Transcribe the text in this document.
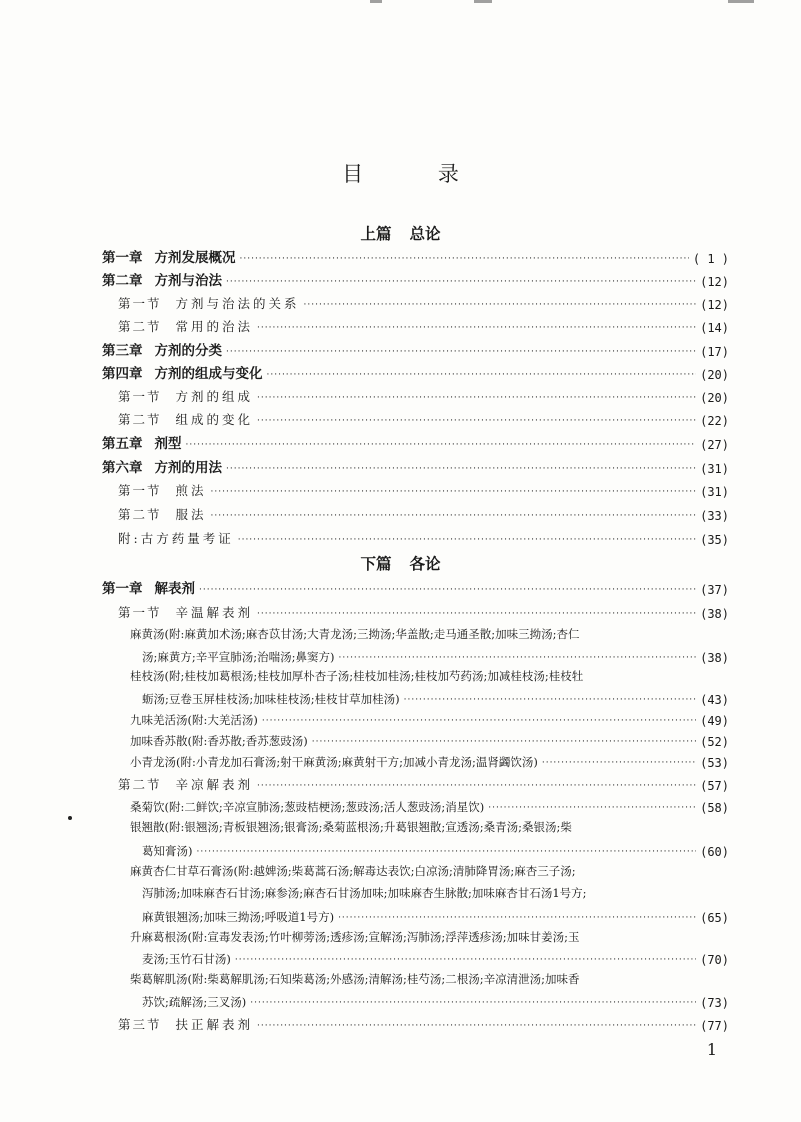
目 录
上篇 总论
第一章 方剂发展概况 ·····	( 1 )
第二章 方剂与治法 ·····	(12)
第一节 方剂与治法的关系 ·····	(12)
第二节 常用的治法 ·····	(14)
第三章 方剂的分类 ·····	(17)
第四章 方剂的组成与变化 ·····	(20)
第一节 方剂的组成 ·····	(20)
第二节 组成的变化 ·····	(22)
第五章 剂型 ·····	(27)
第六章 方剂的用法 ·····	(31)
第一节 煎法 ·····	(31)
第二节 服法 ·····	(33)
附:古方药量考证 ·····	(35)
下篇 各论
第一章 解表剂 ·····	(37)
第一节 辛温解表剂 ·····	(38)
麻黄汤(附:麻黄加术汤;麻杏苡甘汤;大青龙汤;三拗汤;华盖散;走马通圣散;加味三拗汤;杏仁
汤;麻黄方;辛平宣肺汤;治喘汤;鼻窦方) ·····	(38)
桂枝汤(附;桂枝加葛根汤;桂枝加厚朴杏子汤;桂枝加桂汤;桂枝加芍药汤;加减桂枝汤;桂枝牡
蛎汤;豆卷玉屏桂枝汤;加味桂枝汤;桂枝甘草加桂汤) ·····	(43)
九味羌活汤(附:大羌活汤) ·····	(49)
加味香苏散(附:香苏散;香苏葱豉汤) ·····	(52)
小青龙汤(附:小青龙加石膏汤;射干麻黄汤;麻黄射干方;加减小青龙汤;温肾蠲饮汤) ·····	(53)
第二节 辛凉解表剂 ·····	(57)
桑菊饮(附:二鲜饮;辛凉宣肺汤;葱豉桔梗汤;葱豉汤;活人葱豉汤;消星饮) ·····	(58)
银翘散(附:银翘汤;青板银翘汤;银膏汤;桑菊蓝根汤;升葛银翘散;宣透汤;桑青汤;桑银汤;柴
葛知膏汤) ·····	(60)
麻黄杏仁甘草石膏汤(附:越婢汤;柴葛蒿石汤;解毒达表饮;白凉汤;清肺降胃汤;麻杏三子汤;
泻肺汤;加味麻杏石甘汤;麻参汤;麻杏石甘汤加味;加味麻杏生脉散;加味麻杏甘石汤1号方;
麻黄银翘汤;加味三拗汤;呼吸道1号方) ·····	(65)
升麻葛根汤(附:宣毒发表汤;竹叶柳蒡汤;透疹汤;宣解汤;泻肺汤;浮萍透疹汤;加味甘姜汤;玉
麦汤;玉竹石甘汤) ·····	(70)
柴葛解肌汤(附:柴葛解肌汤;石知柴葛汤;外感汤;清解汤;桂芍汤;二根汤;辛凉清泄汤;加味香
苏饮;疏解汤;三叉汤) ·····	(73)
第三节 扶正解表剂 ·····	(77)
1
